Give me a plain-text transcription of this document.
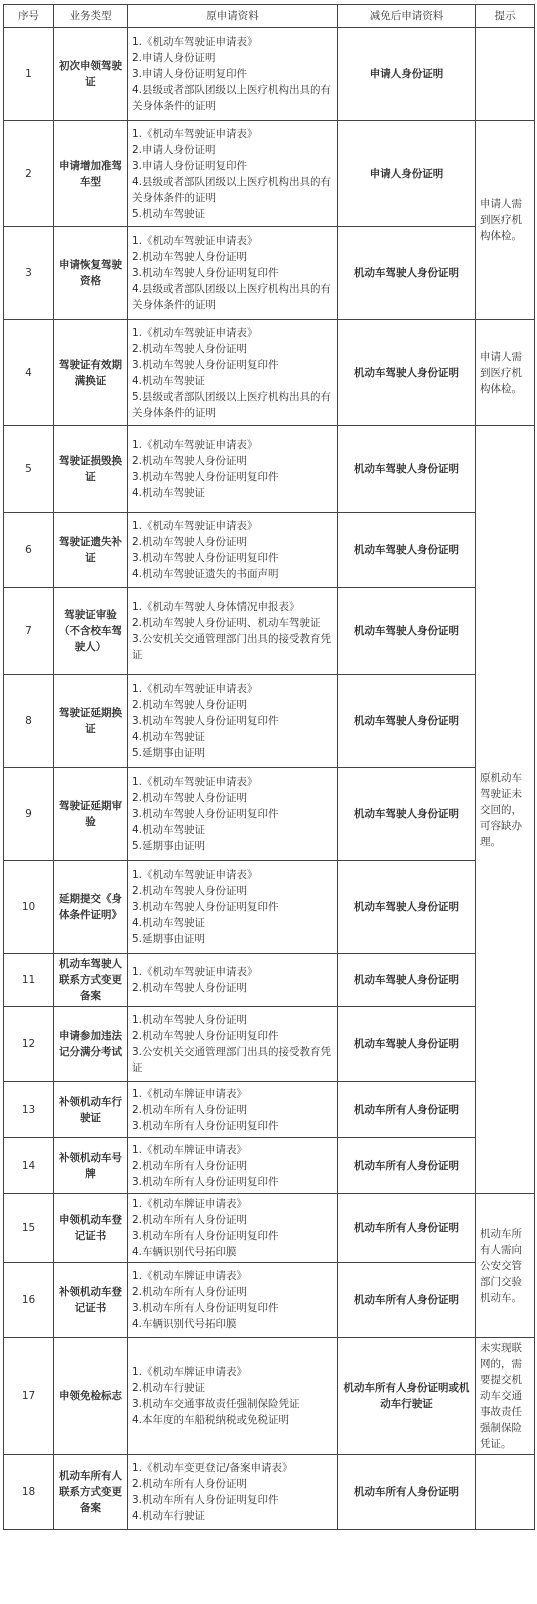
序号	业务类型	原申请资料	减免后申请资料	提示
1	初次申领驾驶证	1.《机动车驾驶证申请表》
2.申请人身份证明
3.申请人身份证明复印件
4.县级或者部队团级以上医疗机构出具的有关身体条件的证明	申请人身份证明	
2	申请增加准驾车型	1.《机动车驾驶证申请表》
2.申请人身份证明
3.申请人身份证明复印件
4.县级或者部队团级以上医疗机构出具的有关身体条件的证明
5.机动车驾驶证	申请人身份证明	申请人需到医疗机构体检。
3	申请恢复驾驶资格	1.《机动车驾驶证申请表》
2.机动车驾驶人身份证明
3.机动车驾驶人身份证明复印件
4.县级或者部队团级以上医疗机构出具的有关身体条件的证明	机动车驾驶人身份证明	
4	驾驶证有效期满换证	1.《机动车驾驶证申请表》
2.机动车驾驶人身份证明
3.机动车驾驶人身份证明复印件
4.机动车驾驶证
5.县级或者部队团级以上医疗机构出具的有关身体条件的证明	机动车驾驶人身份证明	申请人需到医疗机构体检。
5	驾驶证损毁换证	1.《机动车驾驶证申请表》
2.机动车驾驶人身份证明
3.机动车驾驶人身份证明复印件
4.机动车驾驶证	机动车驾驶人身份证明	原机动车驾驶证未交回的，可容缺办理。
6	驾驶证遗失补证	1.《机动车驾驶证申请表》
2.机动车驾驶人身份证明
3.机动车驾驶人身份证明复印件
4.机动车驾驶证遗失的书面声明	机动车驾驶人身份证明	
7	驾驶证审验（不含校车驾驶人）	1.《机动车驾驶人身体情况申报表》
2.机动车驾驶人身份证明、机动车驾驶证
3.公安机关交通管理部门出具的接受教育凭证	机动车驾驶人身份证明	
8	驾驶证延期换证	1.《机动车驾驶证申请表》
2.机动车驾驶人身份证明
3.机动车驾驶人身份证明复印件
4.机动车驾驶证
5.延期事由证明	机动车驾驶人身份证明	
9	驾驶证延期审验	1.《机动车驾驶证申请表》
2.机动车驾驶人身份证明
3.机动车驾驶人身份证明复印件
4.机动车驾驶证
5.延期事由证明	机动车驾驶人身份证明	
10	延期提交《身体条件证明》	1.《机动车驾驶证申请表》
2.机动车驾驶人身份证明
3.机动车驾驶人身份证明复印件
4.机动车驾驶证
5.延期事由证明	机动车驾驶人身份证明	
11	机动车驾驶人联系方式变更备案	1.《机动车驾驶证申请表》
2.机动车驾驶人身份证明	机动车驾驶人身份证明	
12	申请参加违法记分满分考试	1.机动车驾驶人身份证明
2.机动车驾驶人身份证明复印件
3.公安机关交通管理部门出具的接受教育凭证	机动车驾驶人身份证明	
13	补领机动车行驶证	1.《机动车牌证申请表》
2.机动车所有人身份证明
3.机动车所有人身份证明复印件	机动车所有人身份证明	
14	补领机动车号牌	1.《机动车牌证申请表》
2.机动车所有人身份证明
3.机动车所有人身份证明复印件	机动车所有人身份证明	
15	申领机动车登记证书	1.《机动车牌证申请表》
2.机动车所有人身份证明
3.机动车所有人身份证明复印件
4.车辆识别代号拓印膜	机动车所有人身份证明	机动车所有人需向公安交管部门交验机动车。
16	补领机动车登记证书	1.《机动车牌证申请表》
2.机动车所有人身份证明
3.机动车所有人身份证明复印件
4.车辆识别代号拓印膜	机动车所有人身份证明	
17	申领免检标志	1.《机动车牌证申请表》
2.机动车行驶证
3.机动车交通事故责任强制保险凭证
4.本年度的车船税纳税或免税证明	机动车所有人身份证明或机动车行驶证	未实现联网的，需要提交机动车交通事故责任强制保险凭证。
18	机动车所有人联系方式变更备案	1.《机动车变更登记/备案申请表》
2.机动车所有人身份证明
3.机动车所有人身份证明复印件
4.机动车行驶证	机动车所有人身份证明	
